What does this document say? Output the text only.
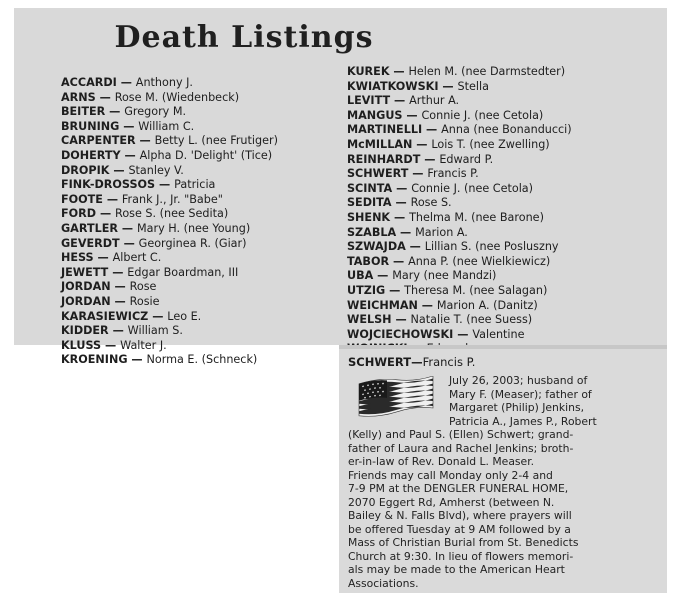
Death Listings
ACCARDI — Anthony J.
ARNS — Rose M. (Wiedenbeck)
BEITER — Gregory M.
BRUNING — William C.
CARPENTER — Betty L. (nee Frutiger)
DOHERTY — Alpha D. 'Delight' (Tice)
DROPIK — Stanley V.
FINK-DROSSOS — Patricia
FOOTE — Frank J., Jr. "Babe"
FORD — Rose S. (nee Sedita)
GARTLER — Mary H. (nee Young)
GEVERDT — Georginea R. (Giar)
HESS — Albert C.
JEWETT — Edgar Boardman, III
JORDAN — Rose
JORDAN — Rosie
KARASIEWICZ — Leo E.
KIDDER — William S.
KLUSS — Walter J.
KROENING — Norma E. (Schneck)
KUREK — Helen M. (nee Darmstedter)
KWIATKOWSKI — Stella
LEVITT — Arthur A.
MANGUS — Connie J. (nee Cetola)
MARTINELLI — Anna (nee Bonanducci)
McMILLAN — Lois T. (nee Zwelling)
REINHARDT — Edward P.
SCHWERT — Francis P.
SCINTA — Connie J. (nee Cetola)
SEDITA — Rose S.
SHENK — Thelma M. (nee Barone)
SZABLA — Marion A.
SZWAJDA — Lillian S. (nee Posluszny
TABOR — Anna P. (nee Wielkiewicz)
UBA — Mary (nee Mandzi)
UTZIG — Theresa M. (nee Salagan)
WEICHMAN — Marion A. (Danitz)
WELSH — Natalie T. (nee Suess)
WOJCIECHOWSKI — Valentine
SCHWERT—Francis P.
July 26, 2003; husband of
Mary F. (Measer); father of
Margaret (Philip) Jenkins,
Patricia A., James P., Robert
(Kelly) and Paul S. (Ellen) Schwert; grand-
father of Laura and Rachel Jenkins; broth-
er-in-law of Rev. Donald L. Measer.
Friends may call Monday only 2-4 and
7-9 PM at the DENGLER FUNERAL HOME,
2070 Eggert Rd, Amherst (between N.
Bailey & N. Falls Blvd), where prayers will
be offered Tuesday at 9 AM followed by a
Mass of Christian Burial from St. Benedicts
Church at 9:30. In lieu of flowers memori-
als may be made to the American Heart
Associations.
